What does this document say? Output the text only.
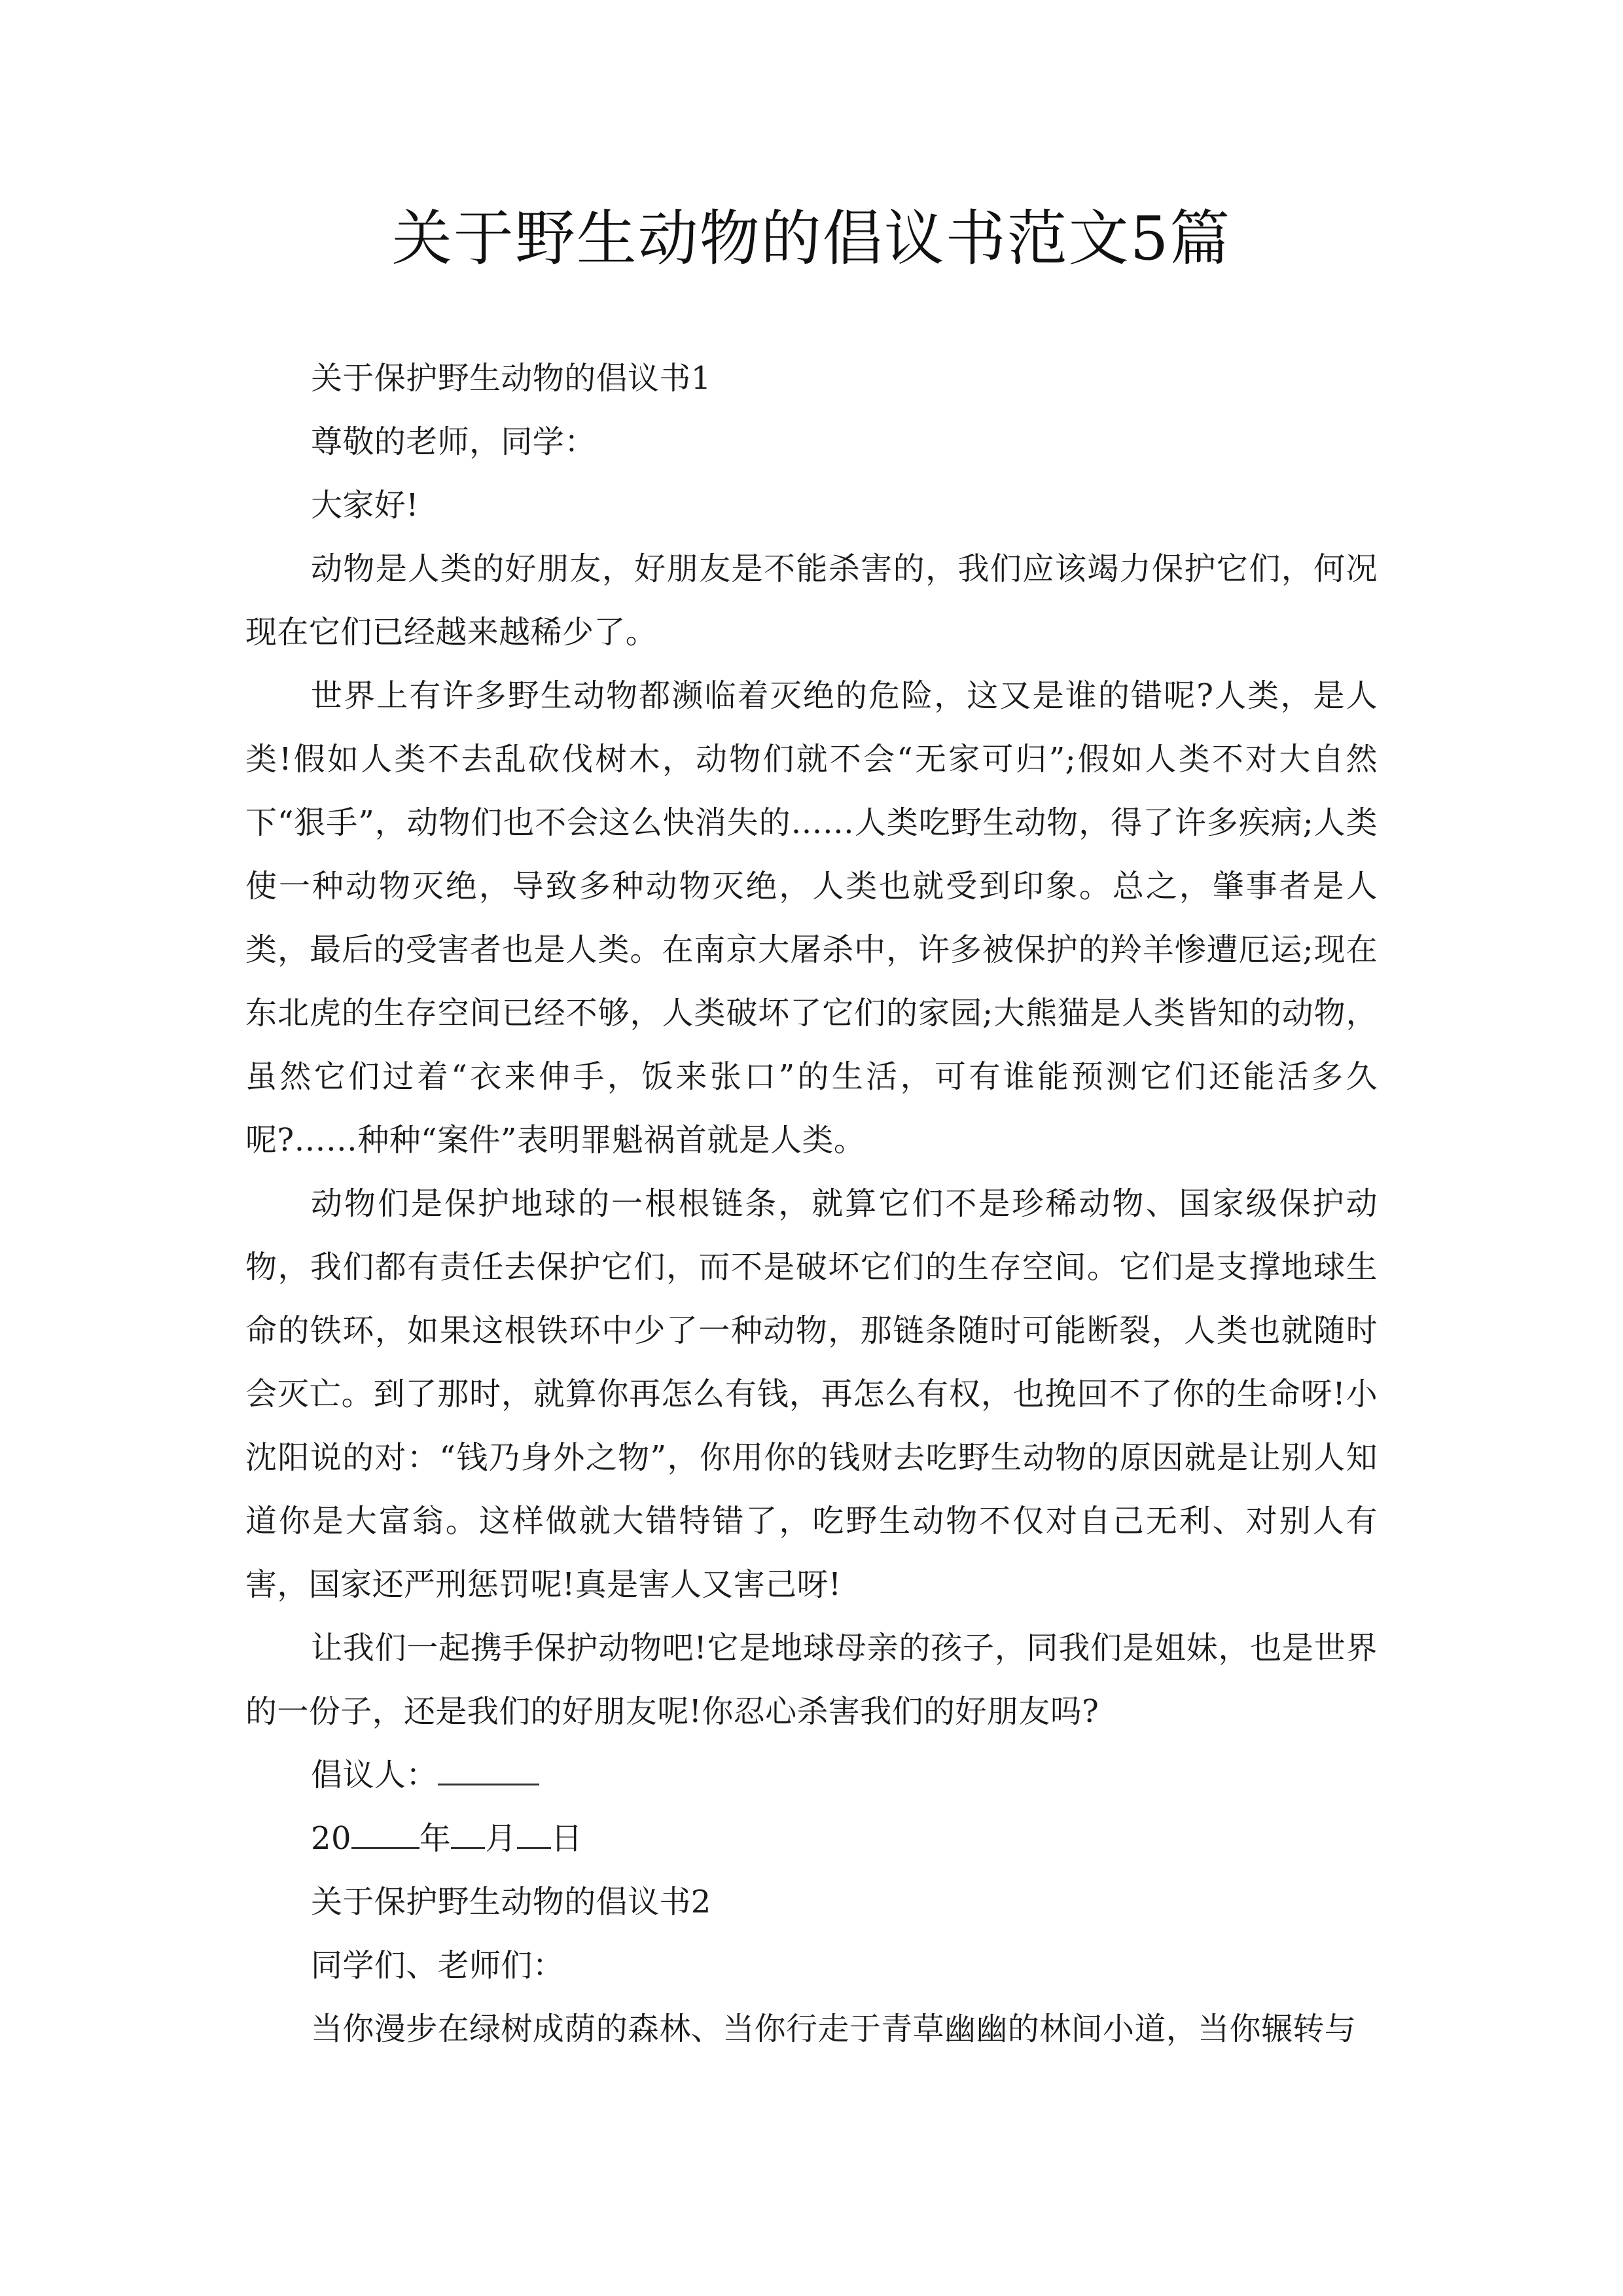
关于野生动物的倡议书范文5篇

关于保护野生动物的倡议书1

尊敬的老师，同学：

大家好!

动物是人类的好朋友，好朋友是不能杀害的，我们应该竭力保护它们，何况现在它们已经越来越稀少了。

世界上有许多野生动物都濒临着灭绝的危险，这又是谁的错呢?人类，是人类!假如人类不去乱砍伐树木，动物们就不会“无家可归”;假如人类不对大自然下“狠手”，动物们也不会这么快消失的……人类吃野生动物，得了许多疾病;人类使一种动物灭绝，导致多种动物灭绝，人类也就受到印象。总之，肇事者是人类，最后的受害者也是人类。在南京大屠杀中，许多被保护的羚羊惨遭厄运;现在东北虎的生存空间已经不够，人类破坏了它们的家园;大熊猫是人类皆知的动物，虽然它们过着“衣来伸手，饭来张口”的生活，可有谁能预测它们还能活多久呢?……种种“案件”表明罪魁祸首就是人类。

动物们是保护地球的一根根链条，就算它们不是珍稀动物、国家级保护动物，我们都有责任去保护它们，而不是破坏它们的生存空间。它们是支撑地球生命的铁环，如果这根铁环中少了一种动物，那链条随时可能断裂，人类也就随时会灭亡。到了那时，就算你再怎么有钱，再怎么有权，也挽回不了你的生命呀!小沈阳说的对：“钱乃身外之物”，你用你的钱财去吃野生动物的原因就是让别人知道你是大富翁。这样做就大错特错了，吃野生动物不仅对自己无利、对别人有害，国家还严刑惩罚呢!真是害人又害己呀!

让我们一起携手保护动物吧!它是地球母亲的孩子，同我们是姐妹，也是世界的一份子，还是我们的好朋友呢!你忍心杀害我们的好朋友吗?

倡议人：

20 年 月 日

关于保护野生动物的倡议书2

同学们、老师们：

当你漫步在绿树成荫的森林、当你行走于青草幽幽的林间小道，当你辗转与
